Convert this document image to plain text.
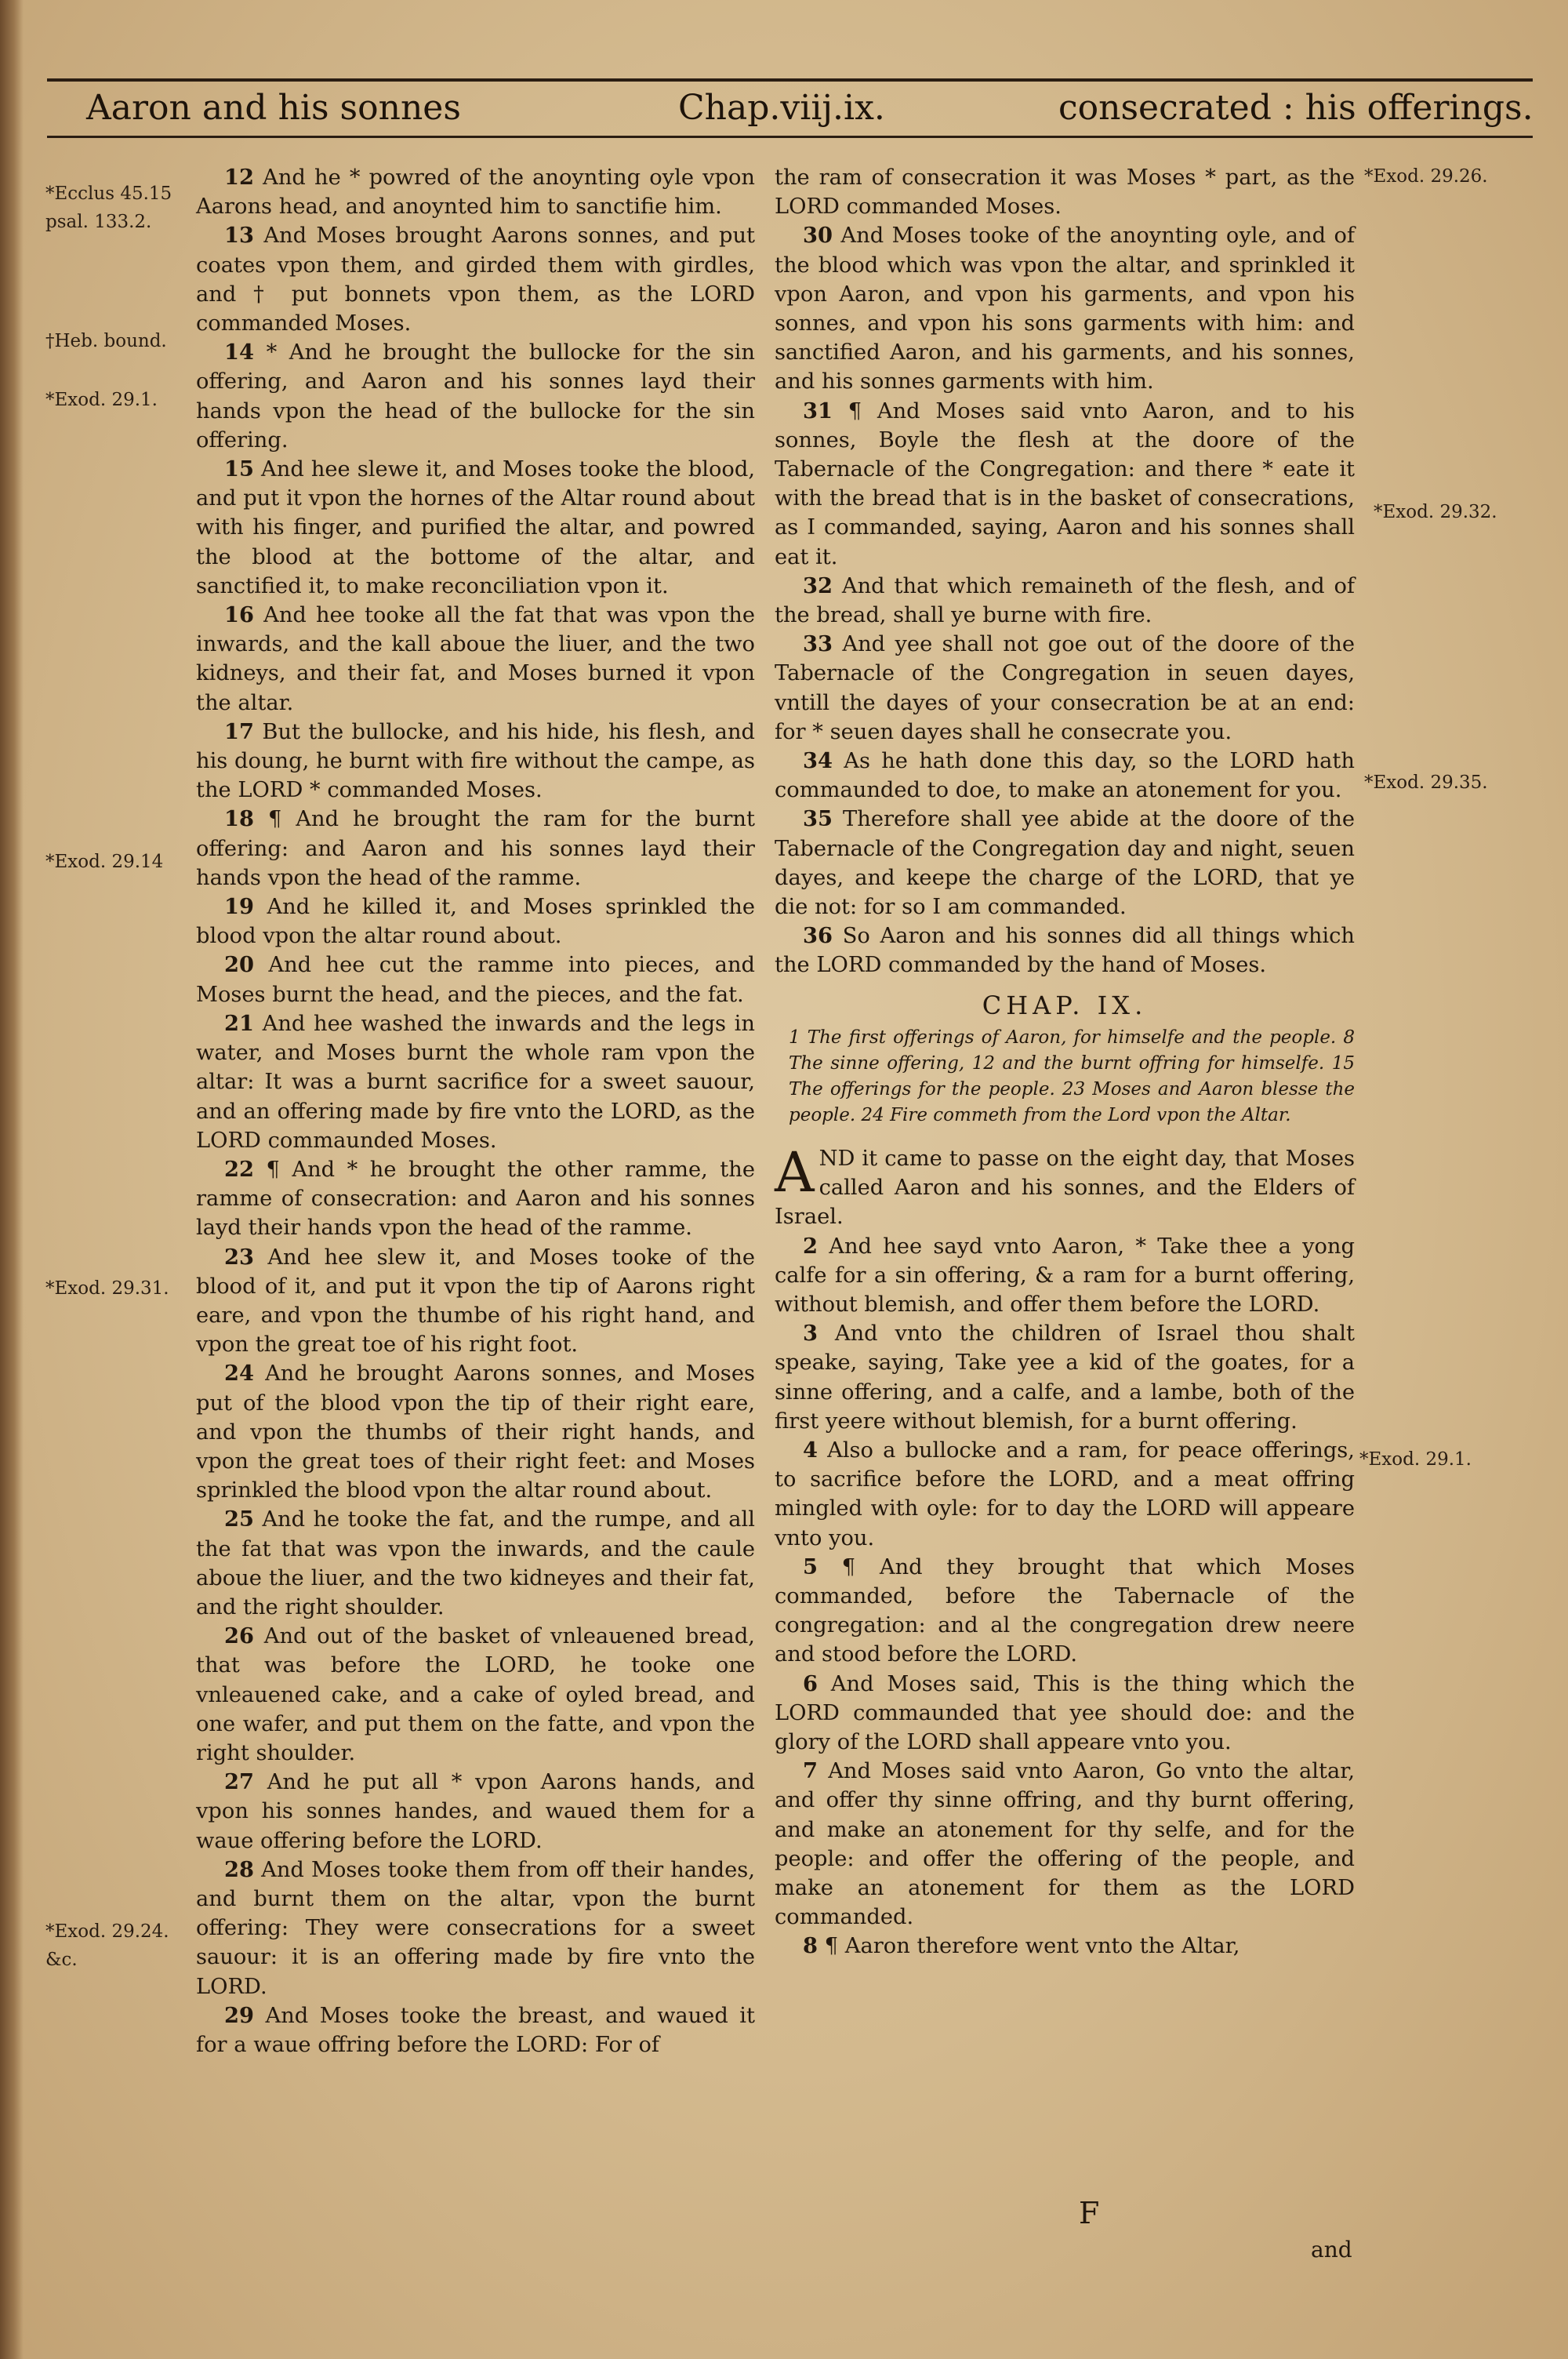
Aaron and his sonnes	Chap.viij.ix.	consecrated : his offerings.
*Ecclus 45.15
psal. 133.2.
†Heb. bound.
*Exod. 29.1.
*Exod. 29.14
*Exod. 29.31.
*Exod. 29.24.
&c.
*Exod. 29.26.
*Exod. 29.32.
*Exod. 29.35.
*Exod. 29.1.

12 And he * powred of the anoynting oyle vpon Aarons head, and anoynted him to sanctifie him.

13 And Moses brought Aarons sonnes, and put coates vpon them, and girded them with girdles, and † put bonnets vpon them, as the LORD commanded Moses.

14 * And he brought the bullocke for the sin offering, and Aaron and his sonnes layd their hands vpon the head of the bullocke for the sin offering.

15 And hee slewe it, and Moses tooke the blood, and put it vpon the hornes of the Altar round about with his finger, and purified the altar, and powred the blood at the bottome of the altar, and sanctified it, to make reconciliation vpon it.

16 And hee tooke all the fat that was vpon the inwards, and the kall aboue the liuer, and the two kidneys, and their fat, and Moses burned it vpon the altar.

17 But the bullocke, and his hide, his flesh, and his doung, he burnt with fire without the campe, as the LORD * commanded Moses.

18 ¶ And he brought the ram for the burnt offering: and Aaron and his sonnes layd their hands vpon the head of the ramme.

19 And he killed it, and Moses sprinkled the blood vpon the altar round about.

20 And hee cut the ramme into pieces, and Moses burnt the head, and the pieces, and the fat.

21 And hee washed the inwards and the legs in water, and Moses burnt the whole ram vpon the altar: It was a burnt sacrifice for a sweet sauour, and an offering made by fire vnto the LORD, as the LORD commaunded Moses.

22 ¶ And * he brought the other ramme, the ramme of consecration: and Aaron and his sonnes layd their hands vpon the head of the ramme.

23 And hee slew it, and Moses tooke of the blood of it, and put it vpon the tip of Aarons right eare, and vpon the thumbe of his right hand, and vpon the great toe of his right foot.

24 And he brought Aarons sonnes, and Moses put of the blood vpon the tip of their right eare, and vpon the thumbs of their right hands, and vpon the great toes of their right feet: and Moses sprinkled the blood vpon the altar round about.

25 And he tooke the fat, and the rumpe, and all the fat that was vpon the inwards, and the caule aboue the liuer, and the two kidneyes and their fat, and the right shoulder.

26 And out of the basket of vnleauened bread, that was before the LORD, he tooke one vnleauened cake, and a cake of oyled bread, and one wafer, and put them on the fatte, and vpon the right shoulder.

27 And he put all * vpon Aarons hands, and vpon his sonnes handes, and waued them for a waue offering before the LORD.

28 And Moses tooke them from off their handes, and burnt them on the altar, vpon the burnt offering: They were consecrations for a sweet sauour: it is an offering made by fire vnto the LORD.

29 And Moses tooke the breast, and waued it for a waue offring before the LORD: For of

the ram of consecration it was Moses * part, as the LORD commanded Moses.

30 And Moses tooke of the anoynting oyle, and of the blood which was vpon the altar, and sprinkled it vpon Aaron, and vpon his garments, and vpon his sonnes, and vpon his sons garments with him: and sanctified Aaron, and his garments, and his sonnes, and his sonnes garments with him.

31 ¶ And Moses said vnto Aaron, and to his sonnes, Boyle the flesh at the doore of the Tabernacle of the Congregation: and there * eate it with the bread that is in the basket of consecrations, as I commanded, saying, Aaron and his sonnes shall eat it.

32 And that which remaineth of the flesh, and of the bread, shall ye burne with fire.

33 And yee shall not goe out of the doore of the Tabernacle of the Congregation in seuen dayes, vntill the dayes of your consecration be at an end: for * seuen dayes shall he consecrate you.

34 As he hath done this day, so the LORD hath commaunded to doe, to make an atonement for you.

35 Therefore shall yee abide at the doore of the Tabernacle of the Congregation day and night, seuen dayes, and keepe the charge of the LORD, that ye die not: for so I am commanded.

36 So Aaron and his sonnes did all things which the LORD commanded by the hand of Moses.

CHAP. IX.

1 The first offerings of Aaron, for himselfe and the people. 8 The sinne offering, 12 and the burnt offring for himselfe. 15 The offerings for the people. 23 Moses and Aaron blesse the people. 24 Fire commeth from the Lord vpon the Altar.

AND it came to passe on the eight day, that Moses called Aaron and his sonnes, and the Elders of Israel.

2 And hee sayd vnto Aaron, * Take thee a yong calfe for a sin offering, & a ram for a burnt offering, without blemish, and offer them before the LORD.

3 And vnto the children of Israel thou shalt speake, saying, Take yee a kid of the goates, for a sinne offering, and a calfe, and a lambe, both of the first yeere without blemish, for a burnt offering.

4 Also a bullocke and a ram, for peace offerings, to sacrifice before the LORD, and a meat offring mingled with oyle: for to day the LORD will appeare vnto you.

5 ¶ And they brought that which Moses commanded, before the Tabernacle of the congregation: and al the congregation drew neere and stood before the LORD.

6 And Moses said, This is the thing which the LORD commaunded that yee should doe: and the glory of the LORD shall appeare vnto you.

7 And Moses said vnto Aaron, Go vnto the altar, and offer thy sinne offring, and thy burnt offering, and make an atonement for thy selfe, and for the people: and offer the offering of the people, and make an atonement for them as the LORD commanded.

8 ¶ Aaron therefore went vnto the Altar,

F
and
